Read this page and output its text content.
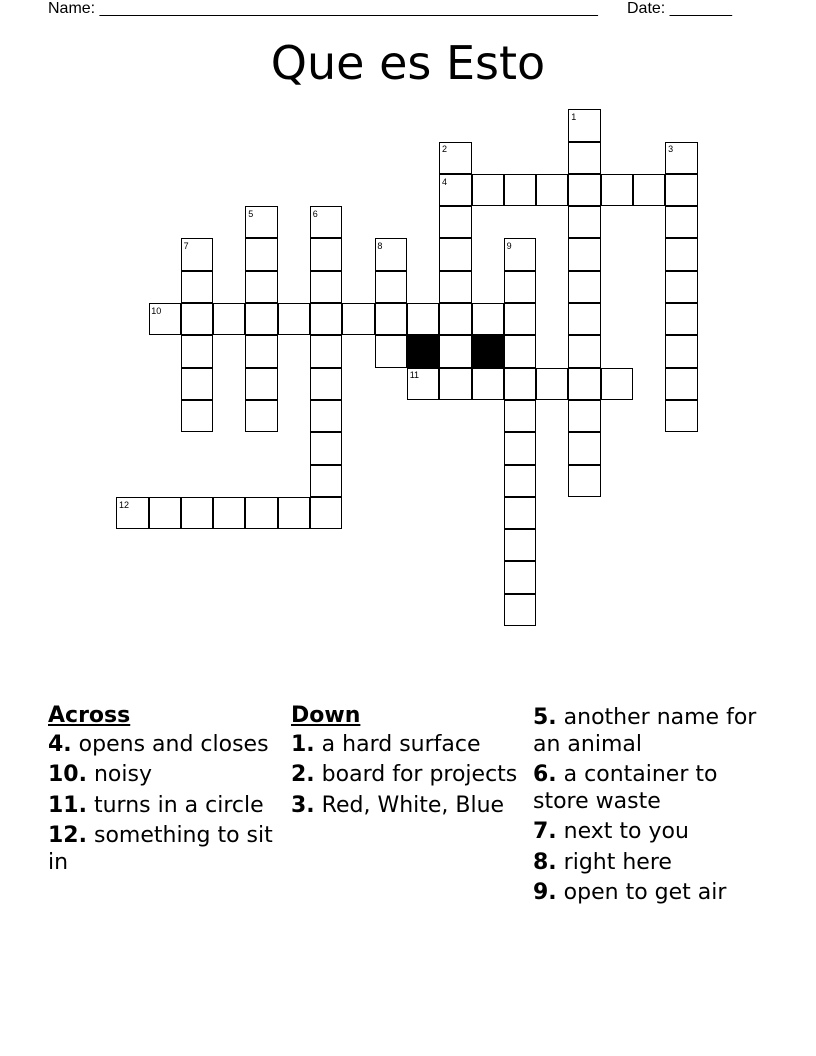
Name: ________________________________________________________ Date: _______
Que es Esto
1
2	3
4
5	6
7	8	9
10
11
12
Across
4. opens and closes
10. noisy
11. turns in a circle
12. something to sit in
Down
1. a hard surface
2. board for projects
3. Red, White, Blue
5. another name for an animal
6. a container to store waste
7. next to you
8. right here
9. open to get air
